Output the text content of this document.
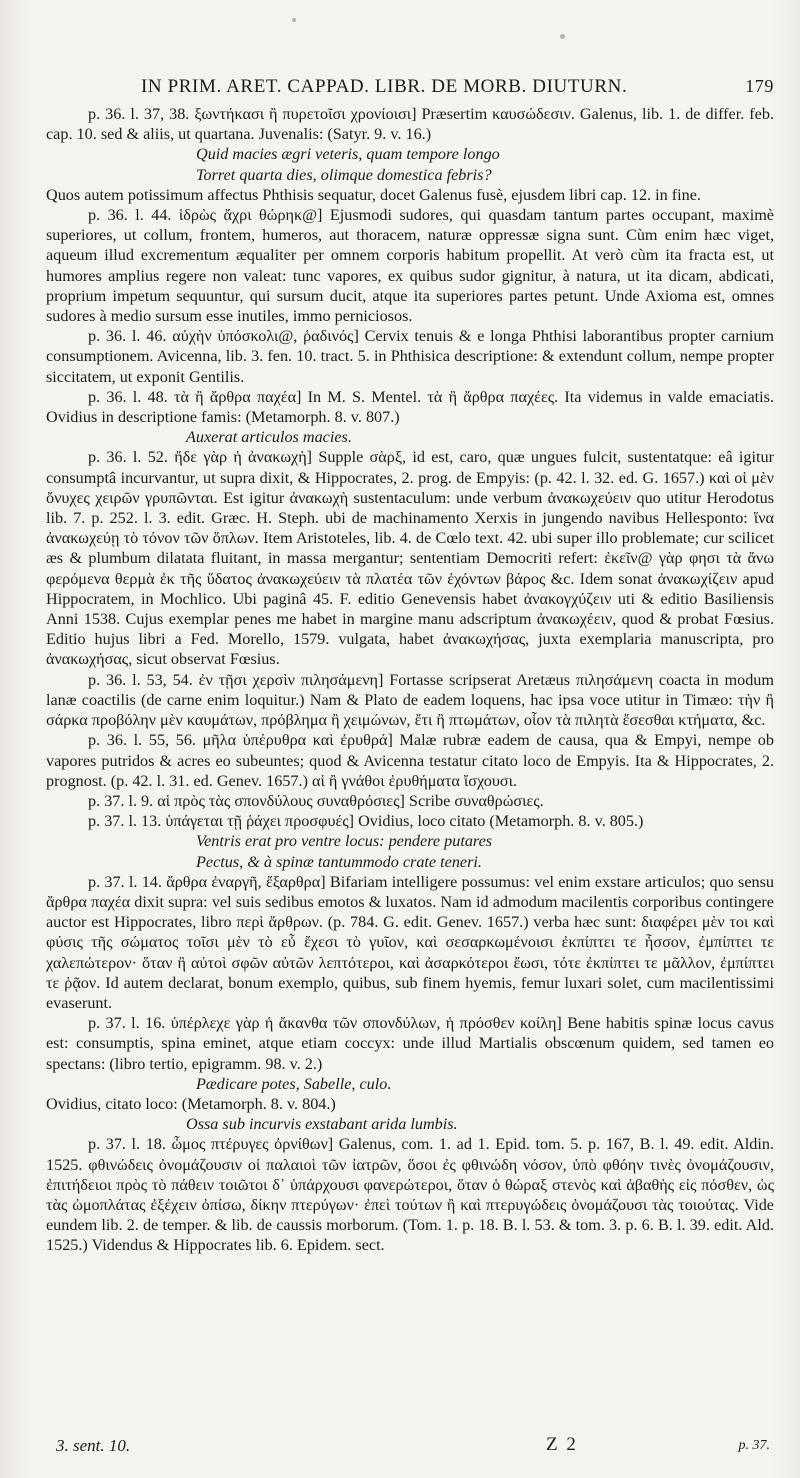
IN PRIM. ARET. CAPPAD. LIBR. DE MORB. DIUTURN.	179

p. 36. l. 37, 38. ξωντήκασι ἢ πυρετοῖσι χρονίοισι] Præsertim καυσώδεσιν. Galenus, lib. 1. de differ. feb. cap. 10. sed & aliis, ut quartana. Juvenalis: (Satyr. 9. v. 16.)

Quid macies ægri veteris, quam tempore longo

Torret quarta dies, olimque domestica febris?

Quos autem potissimum affectus Phthisis sequatur, docet Galenus fusè, ejusdem libri cap. 12. in fine.

p. 36. l. 44. ἱδρὼς ἄχρι θώρηκ@] Ejusmodi sudores, qui quasdam tantum partes occupant, maximè superiores, ut collum, frontem, humeros, aut thoracem, naturæ oppressæ signa sunt. Cùm enim hæc viget, aqueum illud excrementum æqualiter per omnem corporis habitum propellit. At verò cùm ita fracta est, ut humores amplius regere non valeat: tunc vapores, ex quibus sudor gignitur, à natura, ut ita dicam, abdicati, proprium impetum sequuntur, qui sursum ducit, atque ita superiores partes petunt. Unde Axioma est, omnes sudores à medio sursum esse inutiles, immo perniciosos.

p. 36. l. 46. αὐχὴν ὑπόσκολι@, ῥαδινός] Cervix tenuis & e longa Phthisi laborantibus propter carnium consumptionem. Avicenna, lib. 3. fen. 10. tract. 5. in Phthisica descriptione: & extendunt collum, nempe propter siccitatem, ut exponit Gentilis.

p. 36. l. 48. τὰ ἢ ἄρθρα παχέα] In M. S. Mentel. τὰ ἢ ἄρθρα παχέες. Ita videmus in valde emaciatis. Ovidius in descriptione famis: (Metamorph. 8. v. 807.)

Auxerat articulos macies.

p. 36. l. 52. ἤδε γὰρ ἡ ἀνακωχὴ] Supple σὰρξ, id est, caro, quæ ungues fulcit, sustentatque: eâ igitur consumptâ incurvantur, ut supra dixit, & Hippocrates, 2. prog. de Empyis: (p. 42. l. 32. ed. G. 1657.) καὶ οἱ μὲν ὄνυχες χειρῶν γρυπῶνται. Est igitur ἀνακωχὴ sustentaculum: unde verbum ἀνακωχεύειν quo utitur Herodotus lib. 7. p. 252. l. 3. edit. Græc. H. Steph. ubi de machinamento Xerxis in jungendo navibus Hellesponto: ἵνα ἀνακωχεύῃ τὸ τόνον τῶν ὅπλων. Item Aristoteles, lib. 4. de Cœlo text. 42. ubi super illo problemate; cur scilicet æs & plumbum dilatata fluitant, in massa mergantur; sententiam Democriti refert: ἐκεῖν@ γὰρ φησι τὰ ἄνω φερόμενα θερμὰ ἐκ τῆς ὕδατος ἀνακωχεύειν τὰ πλατέα τῶν ἐχόντων βάρος &c. Idem sonat ἀνακωχίζειν apud Hippocratem, in Mochlico. Ubi paginâ 45. F. editio Genevensis habet ἀνακογχύζειν uti & editio Basiliensis Anni 1538. Cujus exemplar penes me habet in margine manu adscriptum ἀνακωχέειν, quod & probat Fœsius. Editio hujus libri a Fed. Morello, 1579. vulgata, habet ἀνακωχήσας, juxta exemplaria manuscripta, pro ἀνακωχήσας, sicut observat Fœsius.

p. 36. l. 53, 54. ἐν τῇσι χερσὶν πιλησάμενη] Fortasse scripserat Aretæus πιλησάμενη coacta in modum lanæ coactilis (de carne enim loquitur.) Nam & Plato de eadem loquens, hac ipsa voce utitur in Timæo: τὴν ἢ σάρκα προβόλην μὲν καυμάτων, πρόβλημα ἢ χειμώνων, ἔτι ἢ πτωμάτων, οἷον τὰ πιλητὰ ἔσεσθαι κτήματα, &c.

p. 36. l. 55, 56. μῆλα ὑπέρυθρα καὶ ἐρυθρά] Malæ rubræ eadem de causa, qua & Empyi, nempe ob vapores putridos & acres eo subeuntes; quod & Avicenna testatur citato loco de Empyis. Ita & Hippocrates, 2. prognost. (p. 42. l. 31. ed. Genev. 1657.) αἱ ἢ γνάθοι ἐρυθήματα ἴσχουσι.

p. 37. l. 9. αἱ πρὸς τὰς σπονδύλους συναθρόσιες] Scribe συναθρώσιες.

p. 37. l. 13. ὑπάγεται τῇ ῥάχει προσφυές] Ovidius, loco citato (Metamorph. 8. v. 805.)

Ventris erat pro ventre locus: pendere putares

Pectus, & à spinæ tantummodo crate teneri.

p. 37. l. 14. ἄρθρα ἐναργῆ, ἔξαρθρα] Bifariam intelligere possumus: vel enim exstare articulos; quo sensu ἄρθρα παχέα dixit supra: vel suis sedibus emotos & luxatos. Nam id admodum macilentis corporibus contingere auctor est Hippocrates, libro περὶ ἄρθρων. (p. 784. G. edit. Genev. 1657.) verba hæc sunt: διαφέρει μὲν τοι καὶ φύσις τῆς σώματος τοῖσι μὲν τὸ εὖ ἔχεσι τὸ γυῖον, καὶ σεσαρκωμένοισι ἐκπίπτει τε ἧσσον, ἐμπίπτει τε χαλεπώτερον· ὅταν ἢ αὐτοὶ σφῶν αὐτῶν λεπτότεροι, καὶ ἀσαρκότεροι ἔωσι, τότε ἐκπίπτει τε μᾶλλον, ἐμπίπτει τε ῥᾷον. Id autem declarat, bonum exemplo, quibus, sub finem hyemis, femur luxari solet, cum macilentissimi evaserunt.

p. 37. l. 16. ὑπέρλεχε γὰρ ἡ ἄκανθα τῶν σπονδύλων, ἡ πρόσθεν κοίλη] Bene habitis spinæ locus cavus est: consumptis, spina eminet, atque etiam coccyx: unde illud Martialis obscœnum quidem, sed tamen eo spectans: (libro tertio, epigramm. 98. v. 2.)

Pædicare potes, Sabelle, culo.

Ovidius, citato loco: (Metamorph. 8. v. 804.)

Ossa sub incurvis exstabant arida lumbis.

p. 37. l. 18. ὦμος πτέρυγες ὀρνίθων] Galenus, com. 1. ad 1. Epid. tom. 5. p. 167, B. l. 49. edit. Aldin. 1525. φθινώδεις ὀνομάζουσιν οἱ παλαιοὶ τῶν ἰατρῶν, ὅσοι ἐς φθινώδη νόσον, ὑπὸ φθόην τινὲς ὀνομάζουσιν, ἐπιτήδειοι πρὸς τὸ πάθειν τοιῶτοι δ᾽ ὑπάρχουσι φανερώτεροι, ὅταν ὁ θώραξ στενὸς καὶ ἀβαθὴς εἰς πόσθεν, ὡς τὰς ὠμοπλάτας ἐξέχειν ὀπίσω, δίκην πτερύγων· ἐπεὶ τούτων ἢ καὶ πτερυγώδεις ὀνομάζουσι τὰς τοιούτας. Vide eundem lib. 2. de temper. & lib. de caussis morborum. (Tom. 1. p. 18. B. l. 53. & tom. 3. p. 6. B. l. 39. edit. Ald. 1525.) Videndus & Hippocrates lib. 6. Epidem. sect.

3. sent. 10.	Z 2	p. 37.
